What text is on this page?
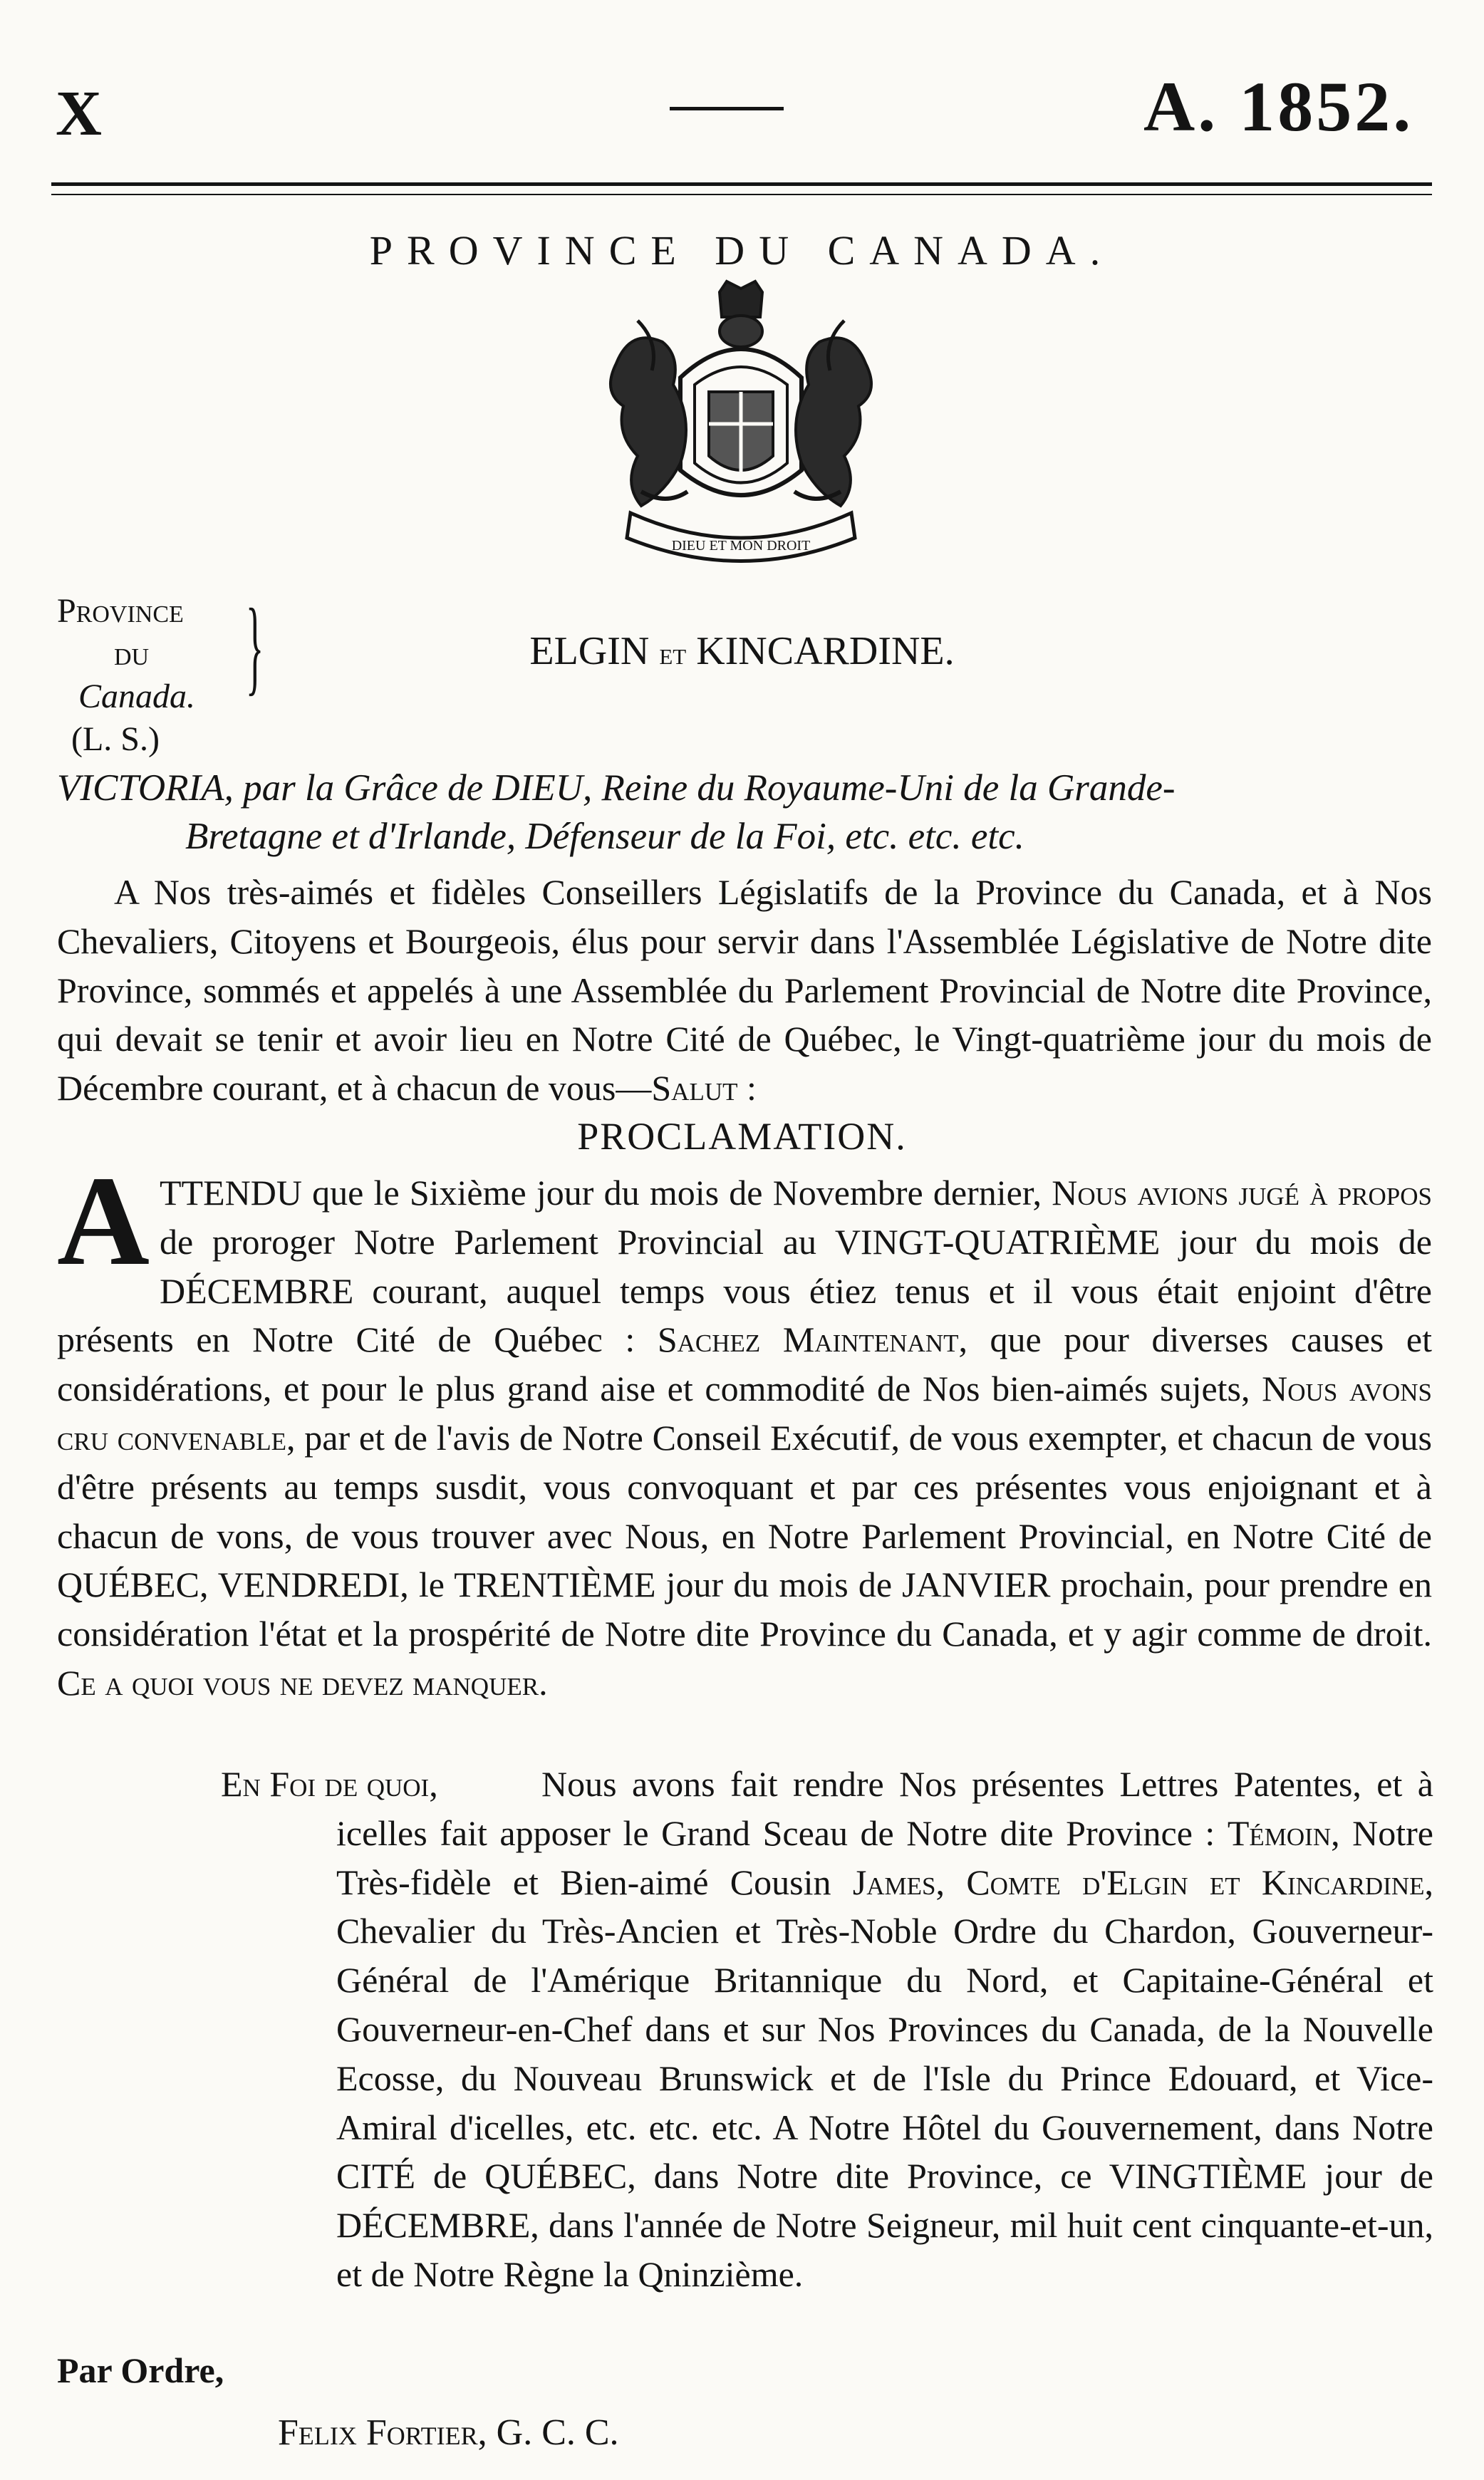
X	A. 1852.
PROVINCE DU CANADA.
DIEU ET MON DROIT
Province
du
Canada. }
(L. S.)
ELGIN et KINCARDINE.
VICTORIA, par la Grâce de DIEU, Reine du Royaume-Uni de la Grande-
Bretagne et d'Irlande, Défenseur de la Foi, etc. etc. etc.
A Nos très-aimés et fidèles Conseillers Législatifs de la Province du Canada, et à Nos Chevaliers, Citoyens et Bourgeois, élus pour servir dans l'Assemblée Législative de Notre dite Province, sommés et appelés à une Assemblée du Parlement Provincial de Notre dite Province, qui devait se tenir et avoir lieu en Notre Cité de Québec, le Vingt-quatrième jour du mois de Décembre courant, et à chacun de vous—Salut :
PROCLAMATION.
ATTENDU que le Sixième jour du mois de Novembre dernier, Nous avions jugé à propos de proroger Notre Parlement Provincial au VINGT-QUATRIÈME jour du mois de DÉCEMBRE courant, auquel temps vous étiez tenus et il vous était enjoint d'être présents en Notre Cité de Québec : Sachez Maintenant, que pour diverses causes et considérations, et pour le plus grand aise et commodité de Nos bien-aimés sujets, Nous avons cru convenable, par et de l'avis de Notre Conseil Exécutif, de vous exempter, et chacun de vous d'être présents au temps susdit, vous convoquant et par ces présentes vous enjoignant et à chacun de vons, de vous trouver avec Nous, en Notre Parlement Provincial, en Notre Cité de QUÉBEC, VENDREDI, le TRENTIÈME jour du mois de JANVIER prochain, pour prendre en considération l'état et la prospérité de Notre dite Province du Canada, et y agir comme de droit. Ce a quoi vous ne devez manquer.
En Foi de quoi,	Nous avons fait rendre Nos présentes Lettres Patentes, et à icelles fait apposer le Grand Sceau de Notre dite Province : Témoin, Notre Très-fidèle et Bien-aimé Cousin James, Comte d'Elgin et Kincardine, Chevalier du Très-Ancien et Très-Noble Ordre du Chardon, Gouverneur-Général de l'Amérique Britannique du Nord, et Capitaine-Général et Gouverneur-en-Chef dans et sur Nos Provinces du Canada, de la Nouvelle Ecosse, du Nouveau Brunswick et de l'Isle du Prince Edouard, et Vice-Amiral d'icelles, etc. etc. etc. A Notre Hôtel du Gouvernement, dans Notre CITÉ de QUÉBEC, dans Notre dite Province, ce VINGTIÈME jour de DÉCEMBRE, dans l'année de Notre Seigneur, mil huit cent cinquante-et-un, et de Notre Règne la Qninzième.
Par Ordre,
Felix Fortier, G. C. C.
